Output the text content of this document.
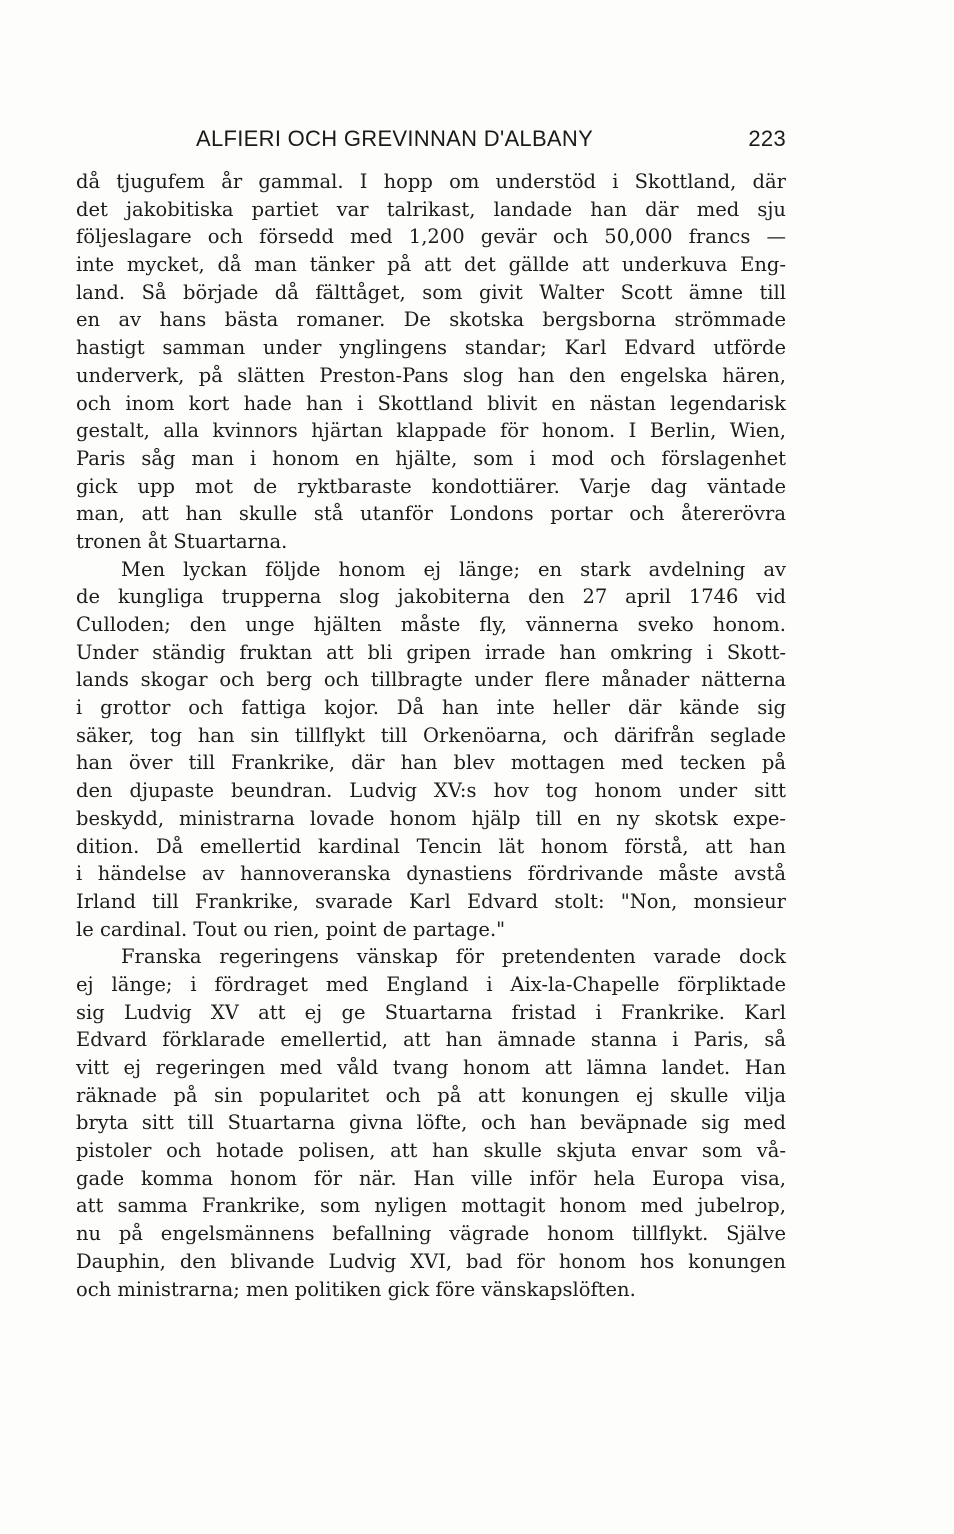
ALFIERI OCH GREVINNAN D'ALBANY	223
då tjugufem år gammal. I hopp om understöd i Skottland, där
det jakobitiska partiet var talrikast, landade han där med sju
följeslagare och försedd med 1,200 gevär och 50,000 francs —
inte mycket, då man tänker på att det gällde att underkuva Eng-
land. Så började då fälttåget, som givit Walter Scott ämne till
en av hans bästa romaner. De skotska bergsborna strömmade
hastigt samman under ynglingens standar; Karl Edvard utförde
underverk, på slätten Preston-Pans slog han den engelska hären,
och inom kort hade han i Skottland blivit en nästan legendarisk
gestalt, alla kvinnors hjärtan klappade för honom. I Berlin, Wien,
Paris såg man i honom en hjälte, som i mod och förslagenhet
gick upp mot de ryktbaraste kondottiärer. Varje dag väntade
man, att han skulle stå utanför Londons portar och återerövra
tronen åt Stuartarna.
Men lyckan följde honom ej länge; en stark avdelning av
de kungliga trupperna slog jakobiterna den 27 april 1746 vid
Culloden; den unge hjälten måste fly, vännerna sveko honom.
Under ständig fruktan att bli gripen irrade han omkring i Skott-
lands skogar och berg och tillbragte under flere månader nätterna
i grottor och fattiga kojor. Då han inte heller där kände sig
säker, tog han sin tillflykt till Orkenöarna, och därifrån seglade
han över till Frankrike, där han blev mottagen med tecken på
den djupaste beundran. Ludvig XV:s hov tog honom under sitt
beskydd, ministrarna lovade honom hjälp till en ny skotsk expe-
dition. Då emellertid kardinal Tencin lät honom förstå, att han
i händelse av hannoveranska dynastiens fördrivande måste avstå
Irland till Frankrike, svarade Karl Edvard stolt: "Non, monsieur
le cardinal. Tout ou rien, point de partage."
Franska regeringens vänskap för pretendenten varade dock
ej länge; i fördraget med England i Aix-la-Chapelle förpliktade
sig Ludvig XV att ej ge Stuartarna fristad i Frankrike. Karl
Edvard förklarade emellertid, att han ämnade stanna i Paris, så
vitt ej regeringen med våld tvang honom att lämna landet. Han
räknade på sin popularitet och på att konungen ej skulle vilja
bryta sitt till Stuartarna givna löfte, och han beväpnade sig med
pistoler och hotade polisen, att han skulle skjuta envar som vå-
gade komma honom för när. Han ville inför hela Europa visa,
att samma Frankrike, som nyligen mottagit honom med jubelrop,
nu på engelsmännens befallning vägrade honom tillflykt. Själve
Dauphin, den blivande Ludvig XVI, bad för honom hos konungen
och ministrarna; men politiken gick före vänskapslöften.
